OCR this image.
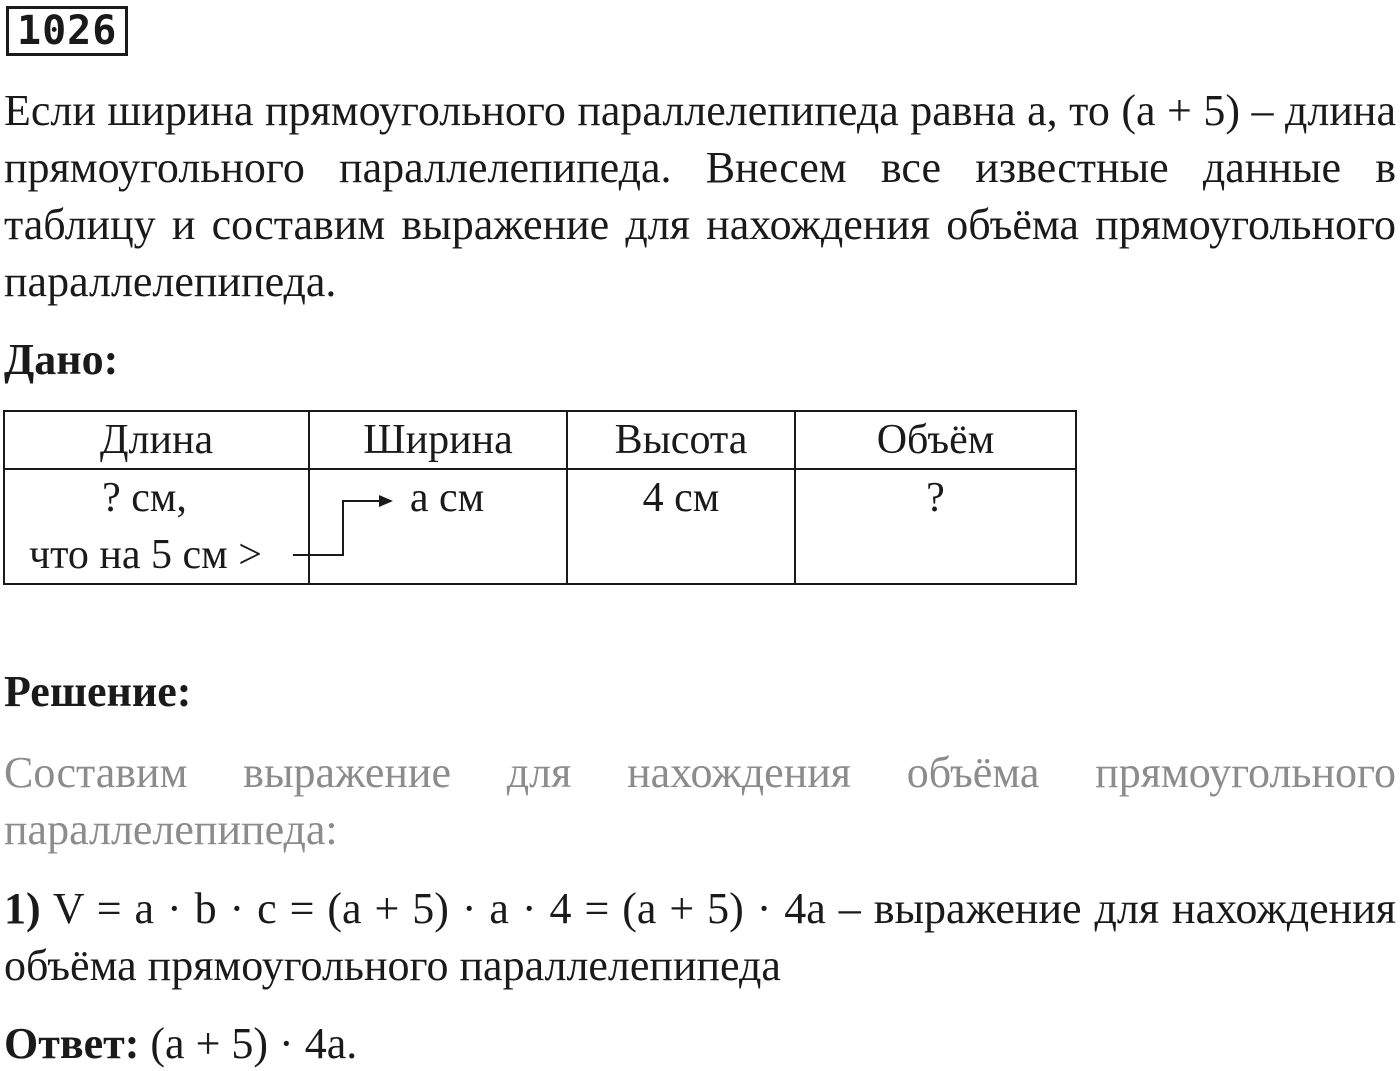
1026

Если ширина прямоугольного параллелепипеда равна a, то (a + 5) – длина прямоугольного параллелепипеда. Внесем все известные данные в таблицу и составим выражение для нахождения объёма прямоугольного параллелепипеда.

Дано:

Длина	Ширина	Высота	Объём

? см,
что на 5 см >	a см	4 см	?

Решение:

Составим выражение для нахождения объёма прямоугольного параллелепипеда:

1) V = a · b · c = (a + 5) · a · 4 = (a + 5) · 4a – выражение для нахождения объёма прямоугольного параллелепипеда

Ответ: (a + 5) · 4a.
